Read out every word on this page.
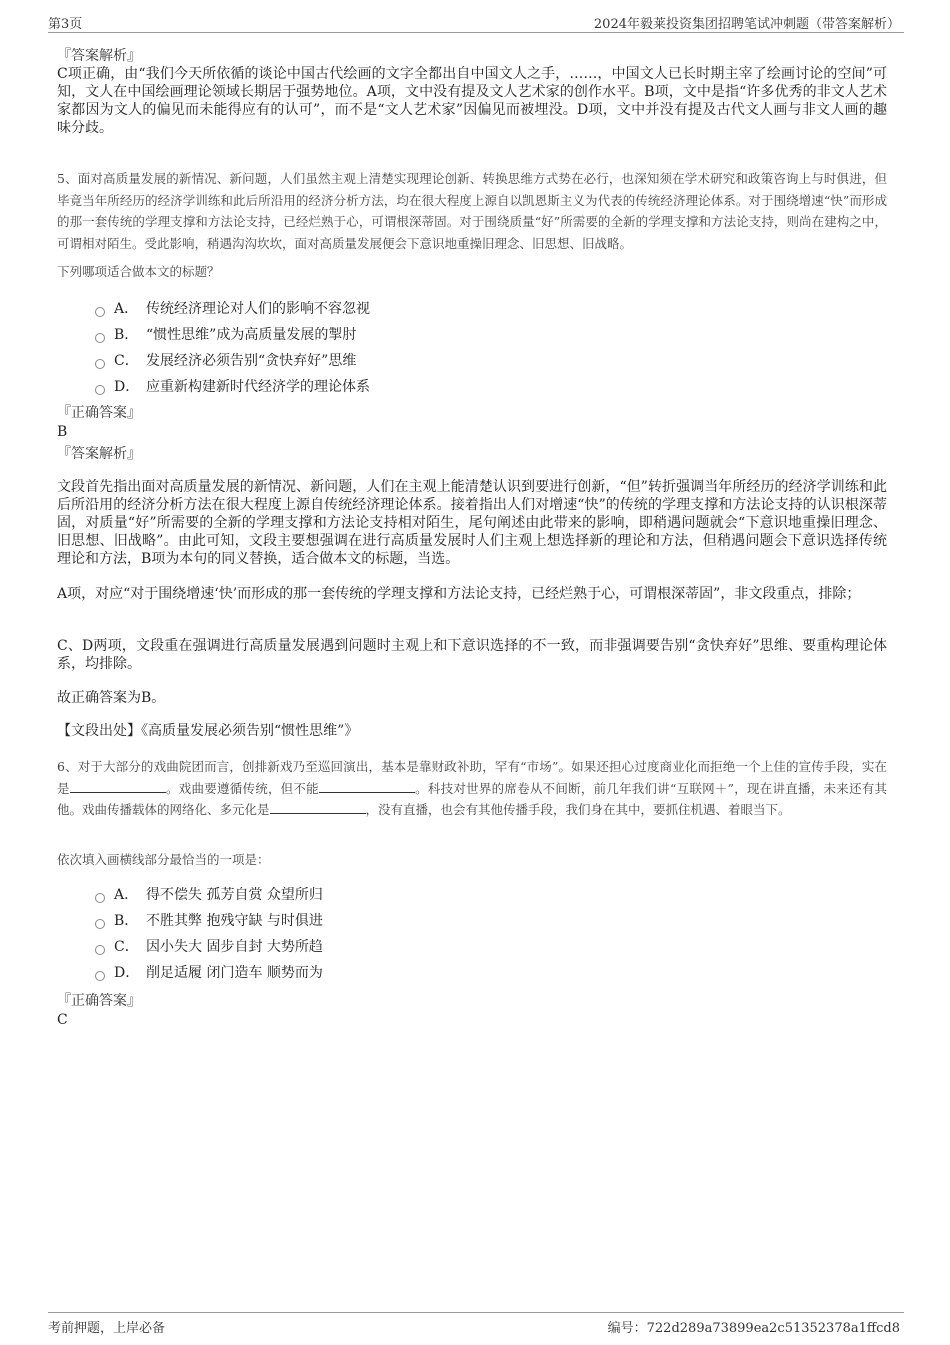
第3页	2024年毅莱投资集团招聘笔试冲刺题（带答案解析）
『答案解析』

C项正确，由“我们今天所依循的谈论中国古代绘画的文字全都出自中国文人之手，……，中国文人已长时期主宰了绘画讨论的空间”可知，文人在中国绘画理论领域长期居于强势地位。A项，文中没有提及文人艺术家的创作水平。B项，文中是指“许多优秀的非文人艺术家都因为文人的偏见而未能得应有的认可”，而不是“文人艺术家”因偏见而被埋没。D项，文中并没有提及古代文人画与非文人画的趣味分歧。

5、面对高质量发展的新情况、新问题，人们虽然主观上清楚实现理论创新、转换思维方式势在必行，也深知须在学术研究和政策咨询上与时俱进，但毕竟当年所经历的经济学训练和此后所沿用的经济分析方法，均在很大程度上源自以凯恩斯主义为代表的传统经济理论体系。对于围绕增速“快”而形成的那一套传统的学理支撑和方法论支持，已经烂熟于心，可谓根深蒂固。对于围绕质量“好”所需要的全新的学理支撑和方法论支持，则尚在建构之中，可谓相对陌生。受此影响，稍遇沟沟坎坎，面对高质量发展便会下意识地重操旧理念、旧思想、旧战略。

下列哪项适合做本文的标题？

A． 传统经济理论对人们的影响不容忽视
B． “惯性思维”成为高质量发展的掣肘
C． 发展经济必须告别“贪快弃好”思维
D． 应重新构建新时代经济学的理论体系
『正确答案』
B
『答案解析』

文段首先指出面对高质量发展的新情况、新问题，人们在主观上能清楚认识到要进行创新，“但”转折强调当年所经历的经济学训练和此后所沿用的经济分析方法在很大程度上源自传统经济理论体系。接着指出人们对增速“快”的传统的学理支撑和方法论支持的认识根深蒂固，对质量“好”所需要的全新的学理支撑和方法论支持相对陌生，尾句阐述由此带来的影响，即稍遇问题就会“下意识地重操旧理念、旧思想、旧战略”。由此可知，文段主要想强调在进行高质量发展时人们主观上想选择新的理论和方法，但稍遇问题会下意识选择传统理论和方法，B项为本句的同义替换，适合做本文的标题，当选。

A项，对应“对于围绕增速‘快’而形成的那一套传统的学理支撑和方法论支持，已经烂熟于心，可谓根深蒂固”，非文段重点，排除；

C、D两项，文段重在强调进行高质量发展遇到问题时主观上和下意识选择的不一致，而非强调要告别“贪快弃好”思维、要重构理论体系，均排除。

故正确答案为B。

【文段出处】《高质量发展必须告别“惯性思维”》

6、对于大部分的戏曲院团而言，创排新戏乃至巡回演出，基本是靠财政补助，罕有“市场”。如果还担心过度商业化而拒绝一个上佳的宣传手段，实在是	。戏曲要遵循传统，但不能	。科技对世界的席卷从不间断，前几年我们讲“互联网＋”，现在讲直播，未来还有其他。戏曲传播载体的网络化、多元化是	，没有直播，也会有其他传播手段，我们身在其中，要抓住机遇、着眼当下。

依次填入画横线部分最恰当的一项是：

A． 得不偿失 孤芳自赏 众望所归
B． 不胜其弊 抱残守缺 与时俱进
C． 因小失大 固步自封 大势所趋
D． 削足适履 闭门造车 顺势而为
『正确答案』
C
考前押题，上岸必备	编号：722d289a73899ea2c51352378a1ffcd8
